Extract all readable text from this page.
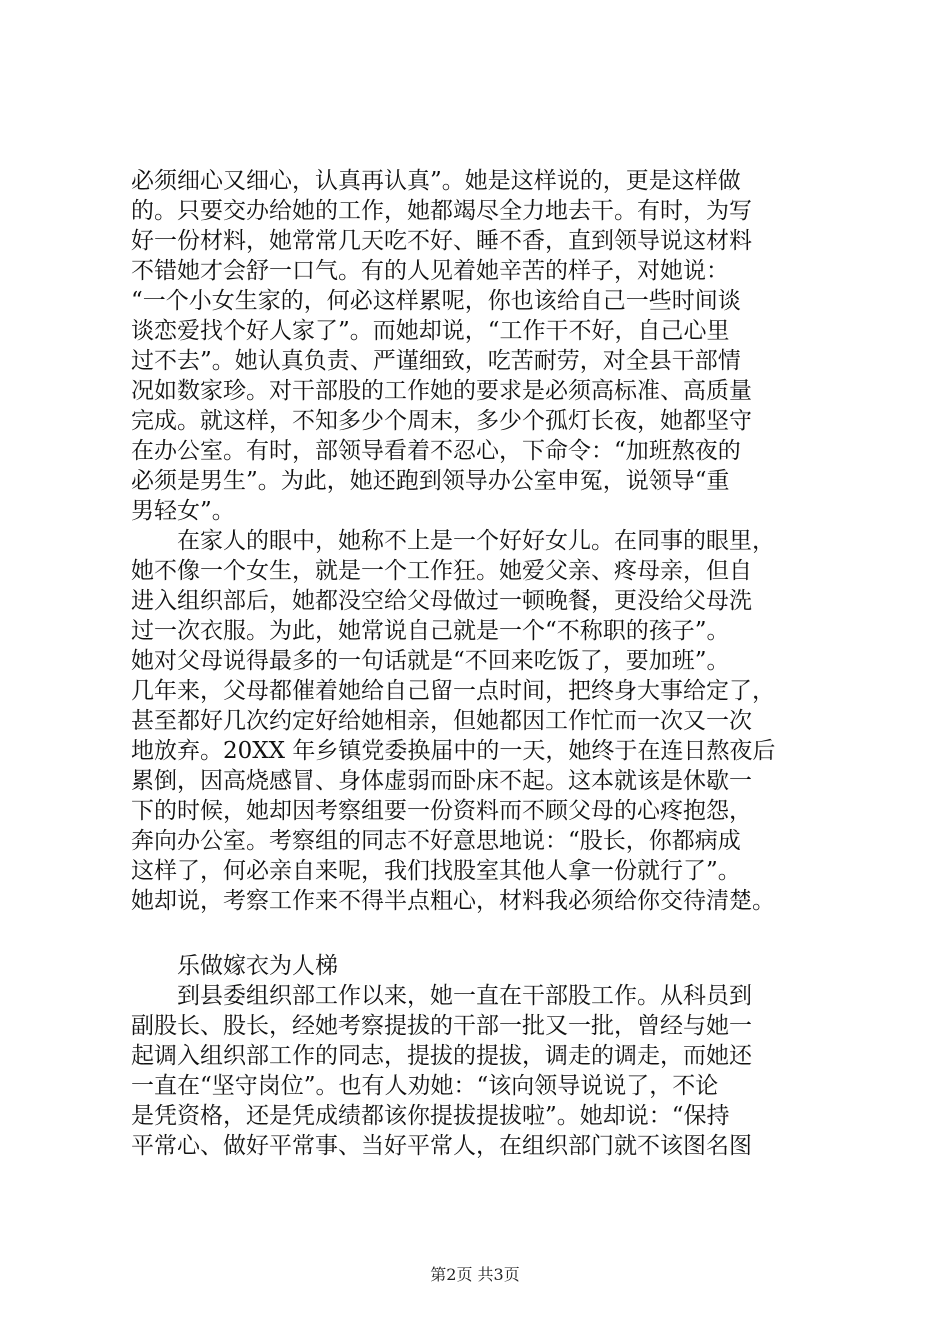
必须细心又细心，认真再认真”。她是这样说的，更是这样做
的。只要交办给她的工作，她都竭尽全力地去干。有时，为写
好一份材料，她常常几天吃不好、睡不香，直到领导说这材料
不错她才会舒一口气。有的人见着她辛苦的样子，对她说：
“一个小女生家的，何必这样累呢，你也该给自己一些时间谈
谈恋爱找个好人家了”。而她却说，“工作干不好，自己心里
过不去”。她认真负责、严谨细致，吃苦耐劳，对全县干部情
况如数家珍。对干部股的工作她的要求是必须高标准、高质量
完成。就这样，不知多少个周末，多少个孤灯长夜，她都坚守
在办公室。有时，部领导看着不忍心，下命令：“加班熬夜的
必须是男生”。为此，她还跑到领导办公室申冤，说领导“重
男轻女”。
　　在家人的眼中，她称不上是一个好好女儿。在同事的眼里，
她不像一个女生，就是一个工作狂。她爱父亲、疼母亲，但自
进入组织部后，她都没空给父母做过一顿晚餐，更没给父母洗
过一次衣服。为此，她常说自己就是一个“不称职的孩子”。
她对父母说得最多的一句话就是“不回来吃饭了，要加班”。
几年来，父母都催着她给自己留一点时间，把终身大事给定了，
甚至都好几次约定好给她相亲，但她都因工作忙而一次又一次
地放弃。20XX 年乡镇党委换届中的一天，她终于在连日熬夜后
累倒，因高烧感冒、身体虚弱而卧床不起。这本就该是休歇一
下的时候，她却因考察组要一份资料而不顾父母的心疼抱怨，
奔向办公室。考察组的同志不好意思地说：“股长，你都病成
这样了，何必亲自来呢，我们找股室其他人拿一份就行了”。
她却说，考察工作来不得半点粗心，材料我必须给你交待清楚。
　　乐做嫁衣为人梯
　　到县委组织部工作以来，她一直在干部股工作。从科员到
副股长、股长，经她考察提拔的干部一批又一批，曾经与她一
起调入组织部工作的同志，提拔的提拔，调走的调走，而她还
一直在“坚守岗位”。也有人劝她：“该向领导说说了，不论
是凭资格，还是凭成绩都该你提拔提拔啦”。她却说：“保持
平常心、做好平常事、当好平常人，在组织部门就不该图名图
第2页 共3页
